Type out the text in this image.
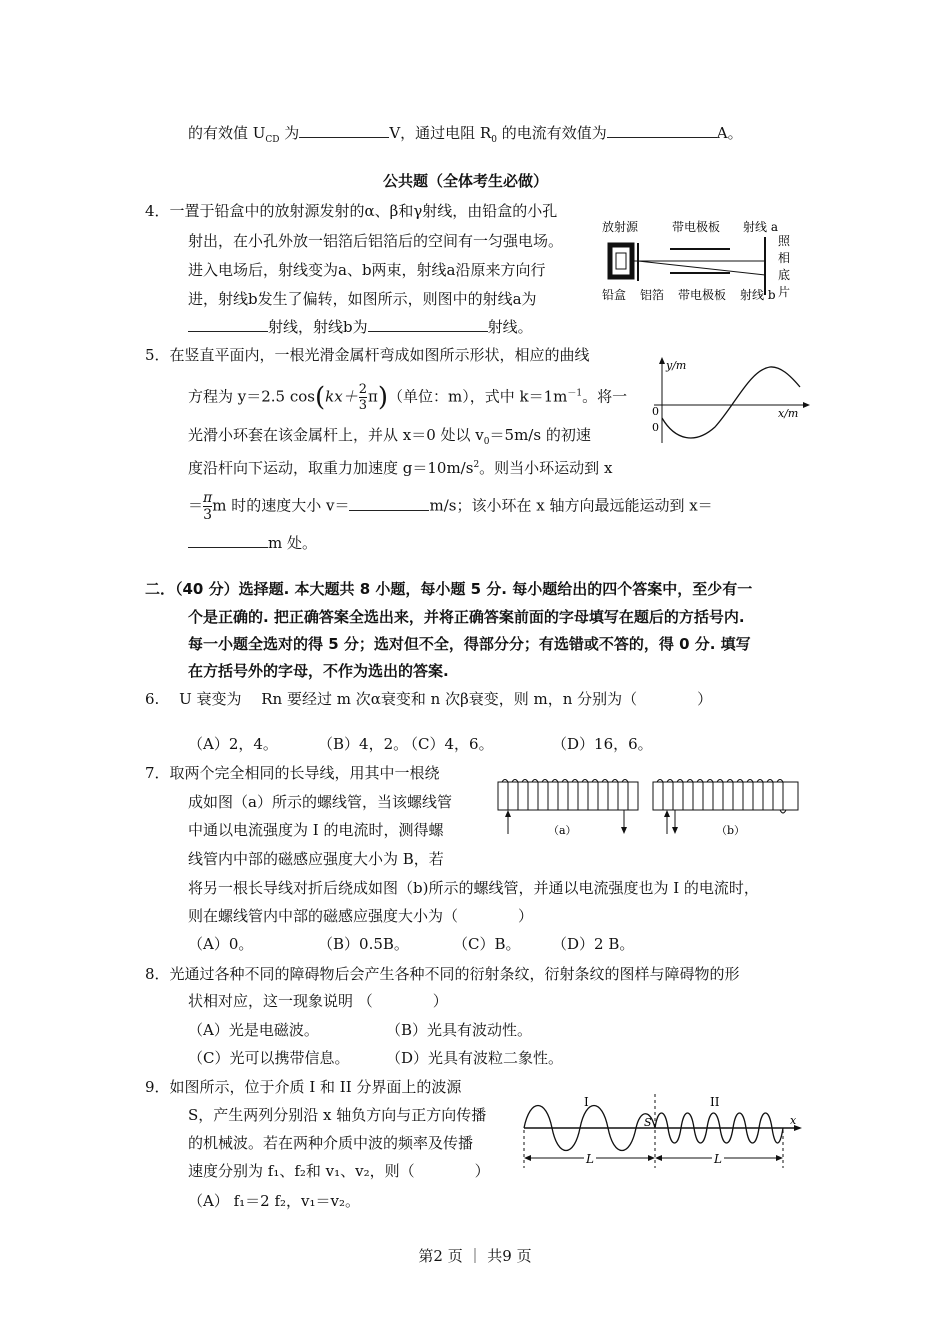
的有效值 $U_{CD}$ 为	V，通过电阻 $R_0$ 的电流有效值为	A。
公共题（全体考生必做）
4．一置于铅盒中的放射源发射的α、β和γ射线，由铅盒的小孔
射出，在小孔外放一铝箔后铝箔后的空间有一匀强电场。
进入电场后，射线变为a、b两束，射线a沿原来方向行
进，射线b发生了偏转，如图所示，则图中的射线a为
射线，射线b为	射线。
放射源	带电极板 射线 a
照
相
底
片
铅盒 铝箔 带电极板 射线 b
5．在竖直平面内，一根光滑金属杆弯成如图所示形状，相应的曲线
方程为 y＝2.5 $\cos(kx+ \frac{2}{3} \pi)$（单位：m），式中 $k=1m^{-1}$。将一
光滑小环套在该金属杆上，并从 x＝0 处以 $v_0=5m/s$ 的初速
度沿杆向下运动，取重力加速度 $g=10m/s^2$。则当小环运动到 x
＝ $\frac{\pi}{3}$ m 时的速度大小 v＝	m/s；该小环在 x 轴方向最远能运动到 x＝
m 处。
y/m
x/m
0
0
二．（40 分）选择题. 本大题共 8 小题，每小题 5 分. 每小题给出的四个答案中，至少有一
个是正确的. 把正确答案全选出来，并将正确答案前面的字母填写在题后的方括号内.
每一小题全选对的得 5 分；选对但不全，得部分分；有选错或不答的，得 0 分. 填写
在方括号外的字母，不作为选出的答案.
6.　 U 衰变为　 Rn 要经过 m 次α衰变和 n 次β衰变，则 m，n 分别为（　　　　）
（A）2，4。	（B）4，2。
（C）4，6。	（D）16，6。
7．取两个完全相同的长导线，用其中一根绕
成如图（a）所示的螺线管，当该螺线管
中通以电流强度为 I 的电流时，测得螺
线管内中部的磁感应强度大小为 B，若
将另一根长导线对折后绕成如图（b)所示的螺线管，并通以电流强度也为 I 的电流时，
则在螺线管内中部的磁感应强度大小为（　　　　）
（A）0。	（B）0.5B。	（C）B。 （D）2 B。
（a）	（b）
8．光通过各种不同的障碍物后会产生各种不同的衍射条纹，衍射条纹的图样与障碍物的形
状相对应，这一现象说明 （　　　　）
（A）光是电磁波。	（B）光具有波动性。
（C）光可以携带信息。 （D）光具有波粒二象性。
9．如图所示，位于介质 I 和 II 分界面上的波源
S，产生两列分别沿 x 轴负方向与正方向传播
的机械波。若在两种介质中波的频率及传播
速度分别为 f₁、f₂和 v₁、v₂，则（　　　　）
（A） f₁＝2 f₂，v₁＝v₂。
I	II
S	x
L	L
第2 页 ｜ 共9 页
